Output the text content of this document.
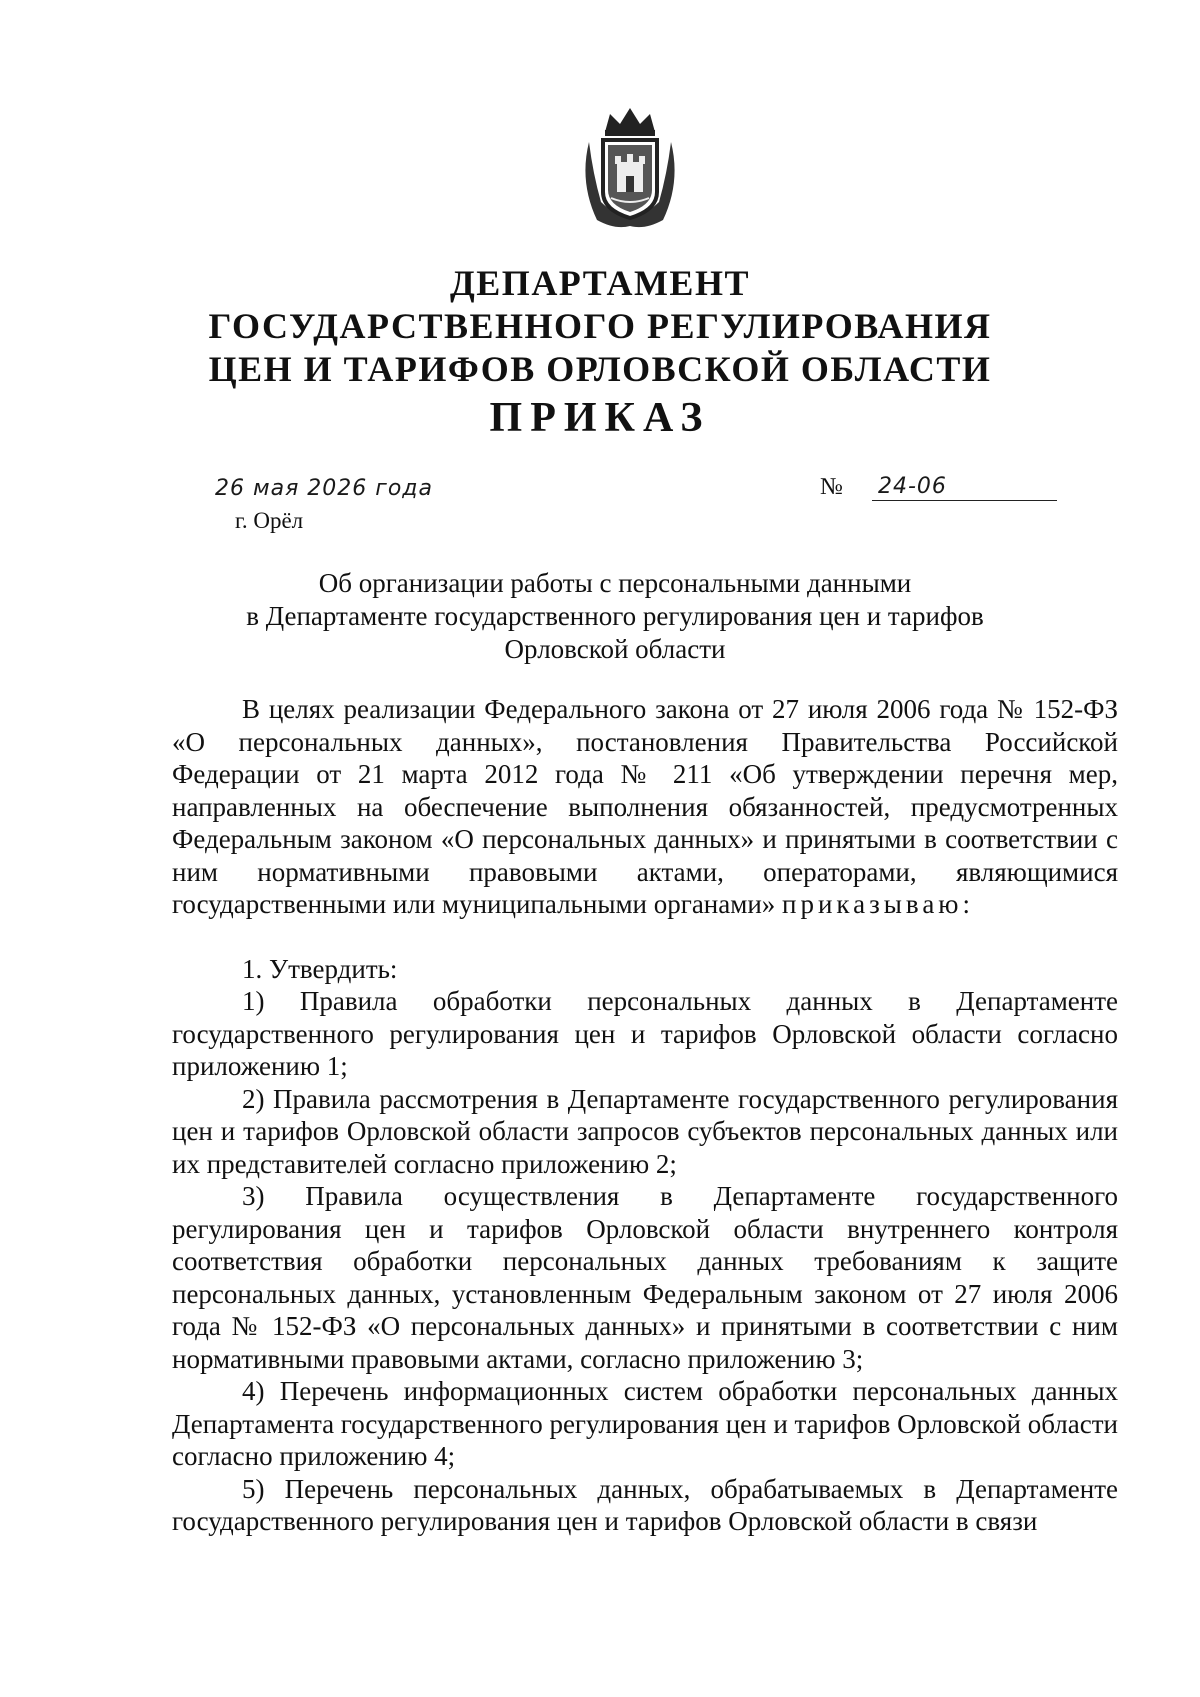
ДЕПАРТАМЕНТ
ГОСУДАРСТВЕННОГО РЕГУЛИРОВАНИЯ
ЦЕН И ТАРИФОВ ОРЛОВСКОЙ ОБЛАСТИ
ПРИКАЗ
26 мая 2026 года
г. Орёл
№ 24-06
Об организации работы с персональными данными
в Департаменте государственного регулирования цен и тарифов
Орловской области

В целях реализации Федерального закона от 27 июля 2006 года № 152-ФЗ «О персональных данных», постановления Правительства Российской Федерации от 21 марта 2012 года № 211 «Об утверждении перечня мер, направленных на обеспечение выполнения обязанностей, предусмотренных Федеральным законом «О персональных данных» и принятыми в соответствии с ним нормативными правовыми актами, операторами, являющимися государственными или муниципальными органами» приказываю:

1. Утвердить:

1) Правила обработки персональных данных в Департаменте государственного регулирования цен и тарифов Орловской области согласно приложению 1;

2) Правила рассмотрения в Департаменте государственного регулирования цен и тарифов Орловской области запросов субъектов персональных данных или их представителей согласно приложению 2;

3) Правила осуществления в Департаменте государственного регулирования цен и тарифов Орловской области внутреннего контроля соответствия обработки персональных данных требованиям к защите персональных данных, установленным Федеральным законом от 27 июля 2006 года № 152-ФЗ «О персональных данных» и принятыми в соответствии с ним нормативными правовыми актами, согласно приложению 3;

4) Перечень информационных систем обработки персональных данных Департамента государственного регулирования цен и тарифов Орловской области согласно приложению 4;

5) Перечень персональных данных, обрабатываемых в Департаменте государственного регулирования цен и тарифов Орловской области в связи
